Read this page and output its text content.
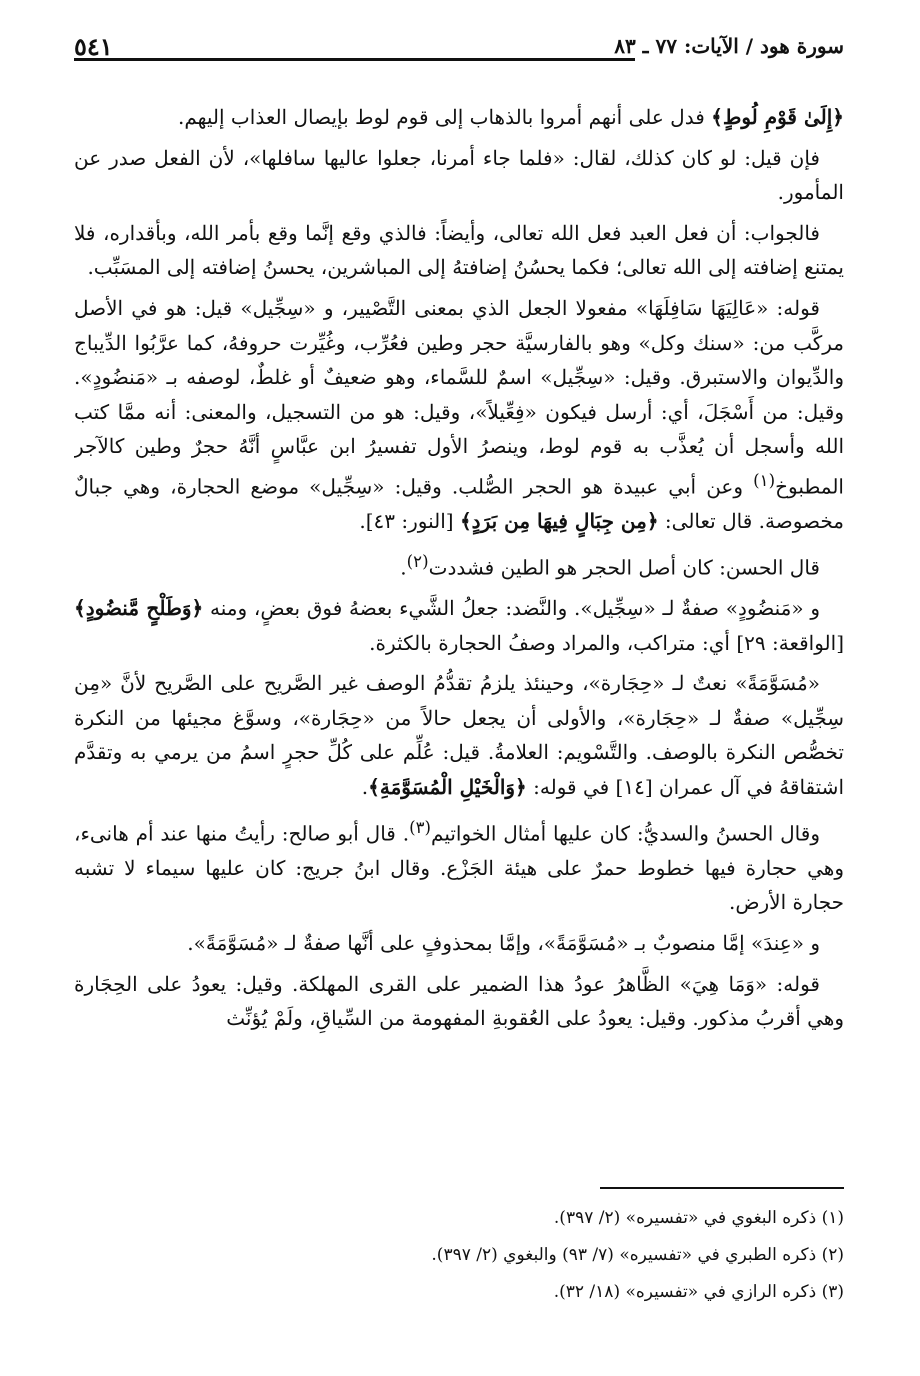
سورة هود / الآيات: ٧٧ ـ ٨٣
٥٤١

﴿إِلَىٰ قَوْمِ لُوطٍ﴾ فدل على أنهم أمروا بالذهاب إلى قوم لوط بإيصال العذاب إليهم.

فإن قيل: لو كان كذلك، لقال: «فلما جاء أمرنا، جعلوا عاليها سافلها»، لأن الفعل صدر عن المأمور.

فالجواب: أن فعل العبد فعل الله تعالى، وأيضاً: فالذي وقع إنَّما وقع بأمر الله، وبأقداره، فلا يمتنع إضافته إلى الله تعالى؛ فكما يحسُنُ إضافتهُ إلى المباشرين، يحسنُ إضافته إلى المسَبِّب.

قوله: «عَالِيَهَا سَافِلَهَا» مفعولا الجعل الذي بمعنى التَّصْيير، و «سِجِّيل» قيل: هو في الأصل مركَّب من: «سنك وكل» وهو بالفارسيَّة حجر وطين فعُرِّب، وغُيِّرت حروفهُ، كما عرَّبُوا الدِّيباج والدِّيوان والاستبرق. وقيل: «سِجِّيل» اسمٌ للسَّماء، وهو ضعيفٌ أو غلطٌ، لوصفه بـ «مَنضُودٍ». وقيل: من أَسْجَلَ، أي: أرسل فيكون «فِعِّيلاً»، وقيل: هو من التسجيل، والمعنى: أنه ممَّا كتب الله وأسجل أن يُعذَّب به قوم لوط، وينصرُ الأول تفسيرُ ابن عبَّاسٍ أنَّهُ حجرٌ وطين كالآجر المطبوخ$^{(١)}$ وعن أبي عبيدة هو الحجر الصُّلب. وقيل: «سِجِّيل» موضع الحجارة، وهي جبالٌ مخصوصة. قال تعالى: ﴿مِن جِبَالٍ فِيهَا مِن بَرَدٍ﴾ [النور: ٤٣].

قال الحسن: كان أصل الحجر هو الطين فشددت$^{(٢)}$.

و «مَنضُودٍ» صفةٌ لـ «سِجِّيل». والنَّضد: جعلُ الشَّيء بعضهُ فوق بعضٍ، ومنه ﴿وَطَلْحٍ مَّنضُودٍ﴾ [الواقعة: ٢٩] أي: متراكب، والمراد وصفُ الحجارة بالكثرة.

«مُسَوَّمَةً» نعتٌ لـ «حِجَارة»، وحينئذ يلزمُ تقدُّمُ الوصف غير الصَّريح على الصَّريح لأنَّ «مِن سِجِّيل» صفةٌ لـ «حِجَارة»، والأولى أن يجعل حالاً من «حِجَارة»، وسوَّغ مجيئها من النكرة تخصُّص النكرة بالوصف. والتَّسْويم: العلامةُ. قيل: عُلِّم على كُلِّ حجرٍ اسمُ من يرمي به وتقدَّم اشتقاقهُ في آل عمران [١٤] في قوله: ﴿وَالْخَيْلِ الْمُسَوَّمَةِ﴾.

وقال الحسنُ والسديُّ: كان عليها أمثال الخواتيم$^{(٣)}$. قال أبو صالح: رأيتُ منها عند أم هانىء، وهي حجارة فيها خطوط حمرٌ على هيئة الجَزْع. وقال ابنُ جريج: كان عليها سيماء لا تشبه حجارة الأرض.

و «عِندَ» إمَّا منصوبٌ بـ «مُسَوَّمَةً»، وإمَّا بمحذوفٍ على أنَّها صفةٌ لـ «مُسَوَّمَةً».

قوله: «وَمَا هِيَ» الظَّاهرُ عودُ هذا الضمير على القرى المهلكة. وقيل: يعودُ على الحِجَارة وهي أقربُ مذكور. وقيل: يعودُ على العُقوبةِ المفهومة من السِّياقِ، ولَمْ يُؤنِّث

(١) ذكره البغوي في «تفسيره» (٢/ ٣٩٧).
(٢) ذكره الطبري في «تفسيره» (٧/ ٩٣) والبغوي (٢/ ٣٩٧).
(٣) ذكره الرازي في «تفسيره» (١٨/ ٣٢).
